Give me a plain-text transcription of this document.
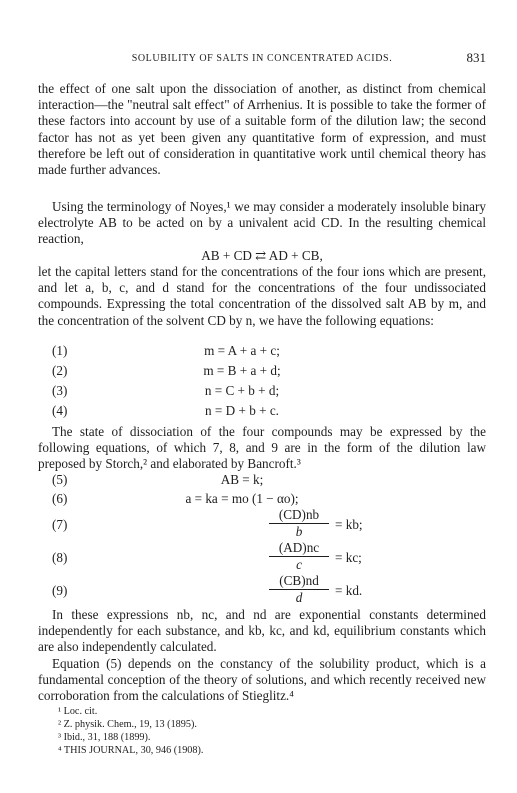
SOLUBILITY OF SALTS IN CONCENTRATED ACIDS.	831

the effect of one salt upon the dissociation of another, as distinct from chemical interaction—the "neutral salt effect" of Arrhenius. It is possible to take the former of these factors into account by use of a suitable form of the dilution law; the second factor has not as yet been given any quantitative form of expression, and must therefore be left out of consideration in quantitative work until chemical theory has made further advances.

Using the terminology of Noyes,¹ we may consider a moderately insoluble binary electrolyte AB to be acted on by a univalent acid CD. In the resulting chemical reaction,

AB + CD ⇄ AD + CB,

let the capital letters stand for the concentrations of the four ions which are present, and let a, b, c, and d stand for the concentrations of the four undissociated compounds. Expressing the total concentration of the dissolved salt AB by m, and the concentration of the solvent CD by n, we have the following equations:

(1)	m = A + a + c;
(2)	m = B + a + d;
(3)	n = C + b + d;
(4)	n = D + b + c.

The state of dissociation of the four compounds may be expressed by the following equations, of which 7, 8, and 9 are in the form of the dilution law preposed by Storch,² and elaborated by Bancroft.³

(5)	AB = k;
(6)	a = ka = mo (1 − αo);
(7)	$\frac{(CD)nb}{b}$ = kb;
(8)	$\frac{(AD)nc}{c}$ = kc;
(9)	$\frac{(CB)nd}{d}$ = kd.

In these expressions nb, nc, and nd are exponential constants determined independently for each substance, and kb, kc, and kd, equilibrium constants which are also independently calculated.

Equation (5) depends on the constancy of the solubility product, which is a fundamental conception of the theory of solutions, and which recently received new corroboration from the calculations of Stieglitz.⁴

¹ Loc. cit.
² Z. physik. Chem., 19, 13 (1895).
³ Ibid., 31, 188 (1899).
⁴ THIS JOURNAL, 30, 946 (1908).
